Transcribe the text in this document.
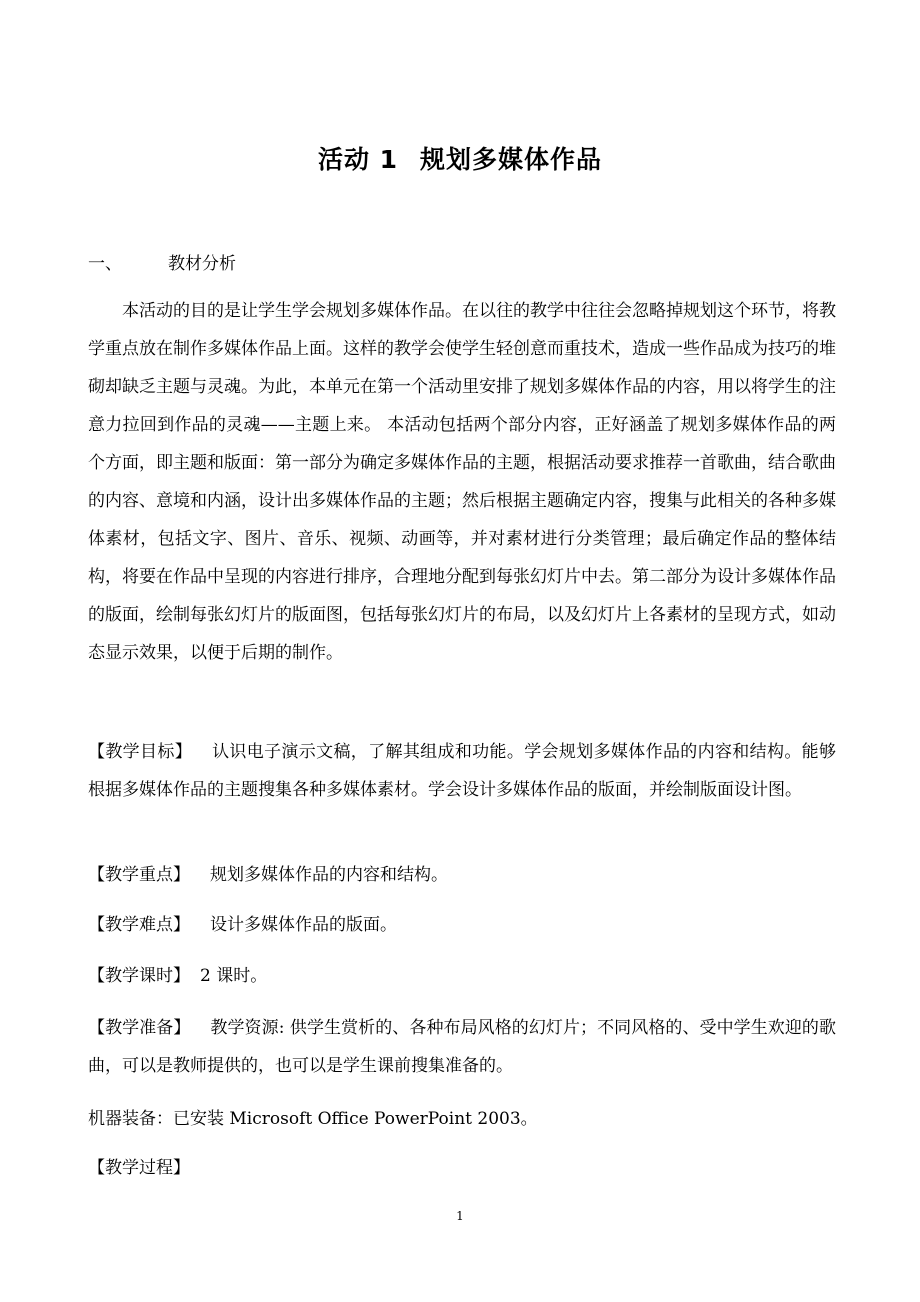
活动 1 规划多媒体作品
一、	教材分析

本活动的目的是让学生学会规划多媒体作品。在以往的教学中往往会忽略掉规划这个环节，将教学重点放在制作多媒体作品上面。这样的教学会使学生轻创意而重技术，造成一些作品成为技巧的堆砌却缺乏主题与灵魂。为此，本单元在第一个活动里安排了规划多媒体作品的内容，用以将学生的注意力拉回到作品的灵魂——主题上来。 本活动包括两个部分内容，正好涵盖了规划多媒体作品的两个方面，即主题和版面：第一部分为确定多媒体作品的主题，根据活动要求推荐一首歌曲，结合歌曲的内容、意境和内涵，设计出多媒体作品的主题；然后根据主题确定内容，搜集与此相关的各种多媒体素材，包括文字、图片、音乐、视频、动画等，并对素材进行分类管理；最后确定作品的整体结构，将要在作品中呈现的内容进行排序，合理地分配到每张幻灯片中去。第二部分为设计多媒体作品的版面，绘制每张幻灯片的版面图，包括每张幻灯片的布局，以及幻灯片上各素材的呈现方式，如动态显示效果，以便于后期的制作。

【教学目标】 认识电子演示文稿，了解其组成和功能。学会规划多媒体作品的内容和结构。能够根据多媒体作品的主题搜集各种多媒体素材。学会设计多媒体作品的版面，并绘制版面设计图。

【教学重点】 规划多媒体作品的内容和结构。
【教学难点】 设计多媒体作品的版面。
【教学课时】 2 课时。

【教学准备】 教学资源: 供学生赏析的、各种布局风格的幻灯片；不同风格的、受中学生欢迎的歌曲，可以是教师提供的，也可以是学生课前搜集准备的。

机器装备：已安装 Microsoft Office PowerPoint 2003。
【教学过程】
1
